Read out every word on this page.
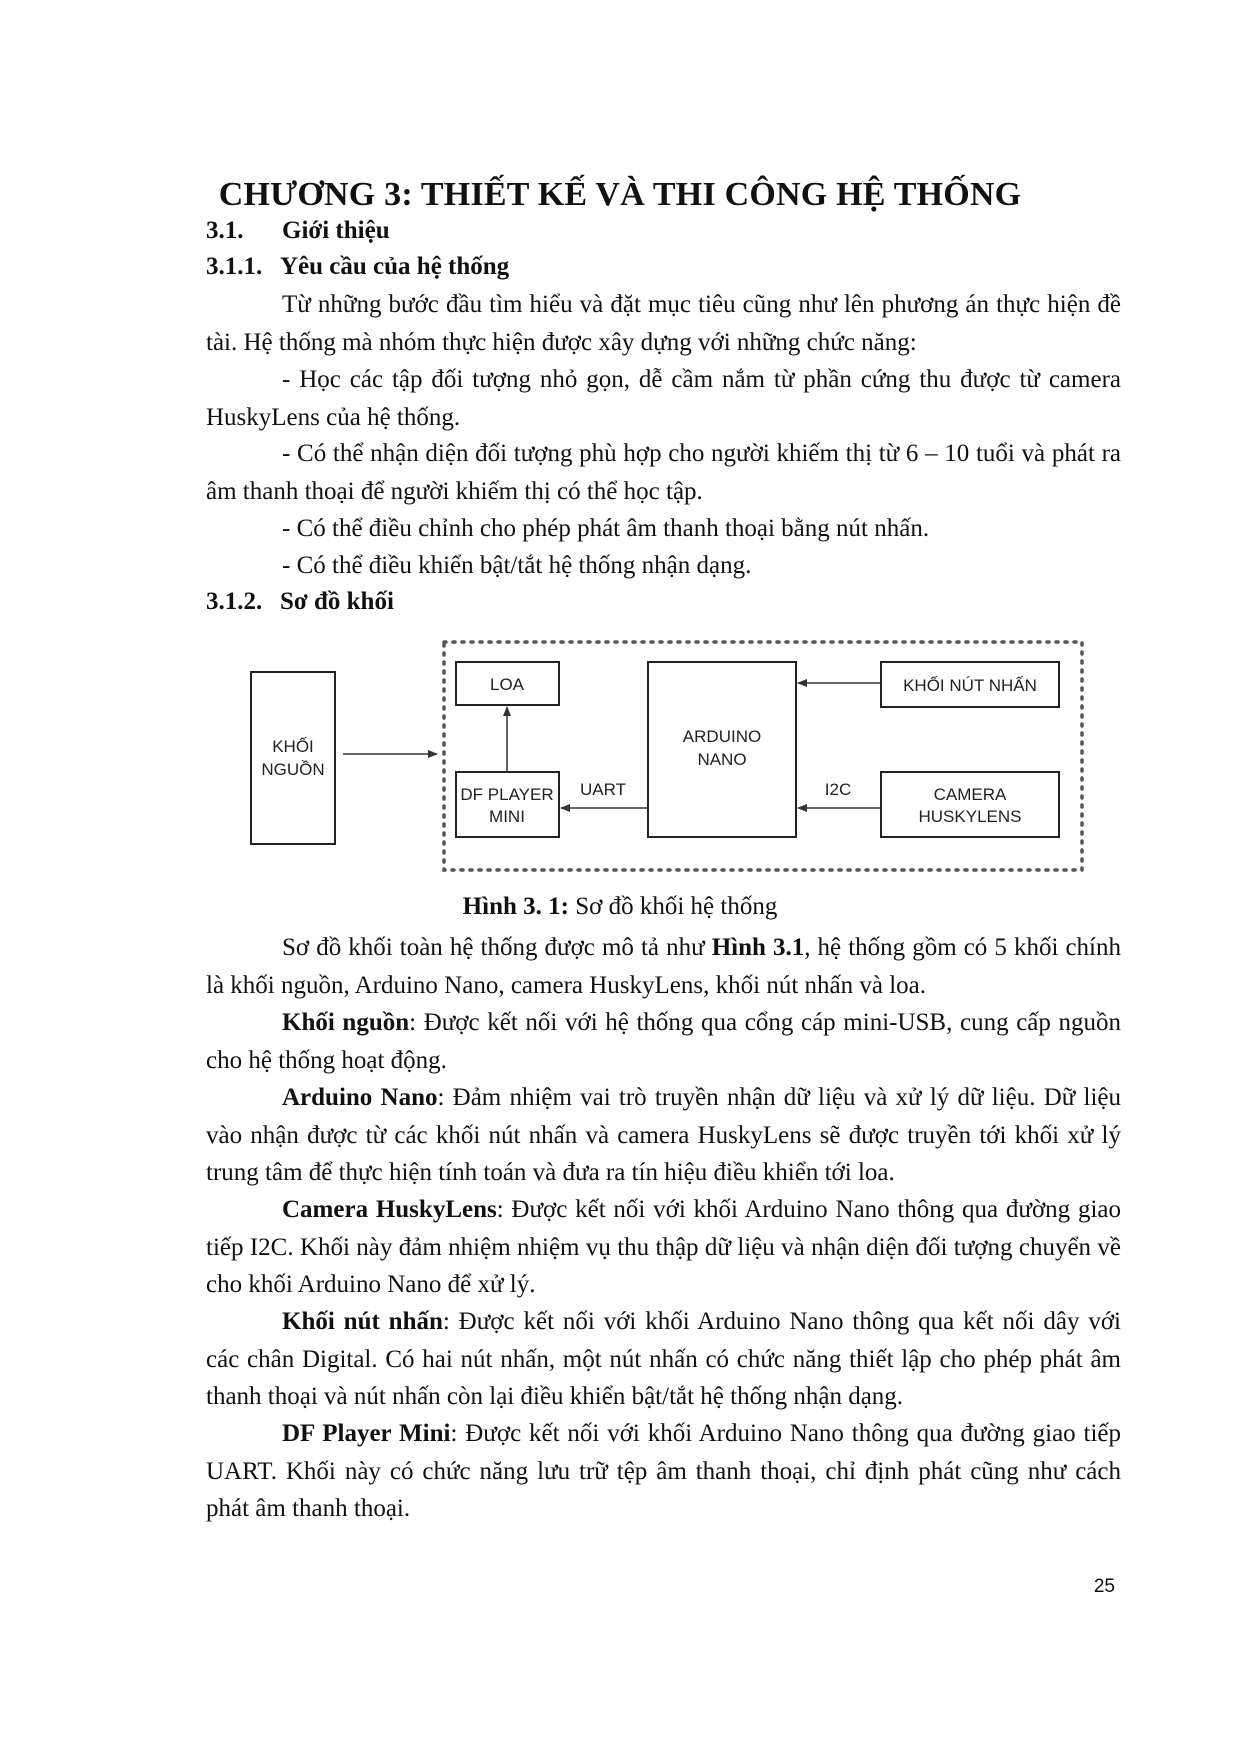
CHƯƠNG 3: THIẾT KẾ VÀ THI CÔNG HỆ THỐNG
3.1. Giới thiệu
3.1.1. Yêu cầu của hệ thống

Từ những bước đầu tìm hiểu và đặt mục tiêu cũng như lên phương án thực hiện đề tài. Hệ thống mà nhóm thực hiện được xây dựng với những chức năng:

- Học các tập đối tượng nhỏ gọn, dễ cầm nắm từ phần cứng thu được từ camera HuskyLens của hệ thống.

- Có thể nhận diện đối tượng phù hợp cho người khiếm thị từ 6 – 10 tuổi và phát ra âm thanh thoại để người khiếm thị có thể học tập.

- Có thể điều chỉnh cho phép phát âm thanh thoại bằng nút nhấn.

- Có thể điều khiển bật/tắt hệ thống nhận dạng.

3.1.2. Sơ đồ khối
KHỐI
NGUỒN
LOA
ARDUINO
NANO
KHỐI NÚT NHẤN
DF PLAYER
MINI
CAMERA
HUSKYLENS
UART	I2C
Hình 3. 1: Sơ đồ khối hệ thống

Sơ đồ khối toàn hệ thống được mô tả như Hình 3.1, hệ thống gồm có 5 khối chính là khối nguồn, Arduino Nano, camera HuskyLens, khối nút nhấn và loa.

Khối nguồn: Được kết nối với hệ thống qua cổng cáp mini-USB, cung cấp nguồn cho hệ thống hoạt động.

Arduino Nano: Đảm nhiệm vai trò truyền nhận dữ liệu và xử lý dữ liệu. Dữ liệu vào nhận được từ các khối nút nhấn và camera HuskyLens sẽ được truyền tới khối xử lý trung tâm để thực hiện tính toán và đưa ra tín hiệu điều khiển tới loa.

Camera HuskyLens: Được kết nối với khối Arduino Nano thông qua đường giao tiếp I2C. Khối này đảm nhiệm nhiệm vụ thu thập dữ liệu và nhận diện đối tượng chuyển về cho khối Arduino Nano để xử lý.

Khối nút nhấn: Được kết nối với khối Arduino Nano thông qua kết nối dây với các chân Digital. Có hai nút nhấn, một nút nhấn có chức năng thiết lập cho phép phát âm thanh thoại và nút nhấn còn lại điều khiển bật/tắt hệ thống nhận dạng.

DF Player Mini: Được kết nối với khối Arduino Nano thông qua đường giao tiếp UART. Khối này có chức năng lưu trữ tệp âm thanh thoại, chỉ định phát cũng như cách phát âm thanh thoại.

25
